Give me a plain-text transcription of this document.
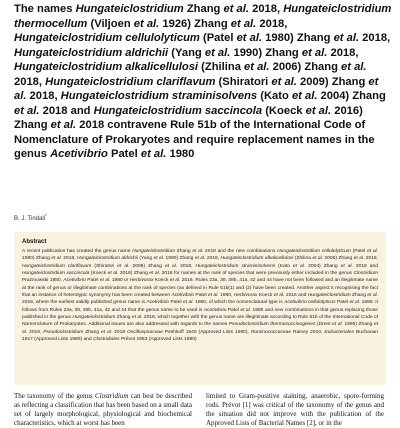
The names Hungateiclostridium Zhang et al. 2018, Hungateiclostridium thermocellum (Viljoen et al. 1926) Zhang et al. 2018, Hungateiclostridium cellulolyticum (Patel et al. 1980) Zhang et al. 2018, Hungateiclostridium aldrichii (Yang et al. 1990) Zhang et al. 2018, Hungateiclostridium alkalicellulosi (Zhilina et al. 2006) Zhang et al. 2018, Hungateiclostridium clariflavum (Shiratori et al. 2009) Zhang et al. 2018, Hungateiclostridium straminisolvens (Kato et al. 2004) Zhang et al. 2018 and Hungateiclostridium saccincola (Koeck et al. 2016) Zhang et al. 2018 contravene Rule 51b of the International Code of Nomenclature of Prokaryotes and require replacement names in the genus Acetivibrio Patel et al. 1980
B. J. Tindall*
Abstract
A recent publication has created the genus name Hungateiclostridium Zhang et al. 2018 and the new combinations Hungateiclostridium cellulolyticum (Patel et al. 1980) Zhang et al. 2018, Hungateiclostridium aldrichii (Yang et al. 1990) Zhang et al. 2018, Hungateiclostridium alkalicellulosi (Zhilina et al. 2006) Zhang et al. 2018, Hungateiclostridium clariflavum (Shiratori et al. 2009) Zhang et al. 2018, Hungateiclostridium straminisolvens (Kato et al. 2004) Zhang et al. 2018 and Hungateiclostridium saccincola (Koeck et al. 2016) Zhang et al. 2018 for names at the rank of species that were previously either included in the genus Clostridium Prazmowski 1880, Acetivibrio Patel et al. 1980 or Herbivorax Koeck et al. 2016. Rules 23a, 38, 39b, 41a, 42 and 44 have not been followed and an illegitimate name at the rank of genus or illegitimate combinations at the rank of species (as defined in Rule 51b(1) and (2) have been created. Another aspect it recognising the fact that an instance of heterotypic synonymy has been created between Acetivibrio Patel et al. 1980, Herbivorax Koeck et al. 2016 and Hungateiclostridium Zhang et al. 2018, where the earliest validly published genus name is Acetivibrio Patel et al. 1980, of which the nomenclatural type is Acetivibrio cellulolyticus Patel et al. 1980. It follows from Rules 23a, 38, 39b, 41a, 42 and 44 that the genus name to be used is Acetivibrio Patel et al. 1980 and new combinations in that genus replacing those published in the genus Hungateiclostridium Zhang et al. 2018, which together with the genus name are illegitimate according to Rule 51b of the International Code of Nomenclature of Prokaryotes. Additional issues are also addressed with regards to the names Pseudoclostridium thermosuccinogenes (Drent et al. 1995) Zhang et al. 2018, Pseudoclostridium Zhang et al. 2018 Oscillospiraceae Peshkoff 1940 (Approved Lists 1980), Ruminococcaceae Rainey 2010, Eubacteriales Buchanan 1917 (Approved Lists 1980) and Clostridiales Prévot 1953 (Approved Lists 1980)
The taxonomy of the genus Clostridium can best be described as reflecting a classification that has been based on a small data set of largely morphological, physiological and biochemical characteristics, which at worst has been
limited to Gram-positive staining, anaerobic, spore-forming rods. Prévot [1] was critical of the taxonomy of the genus and the situation did not improve with the publication of the Approved Lists of Bacterial Names [2], or in the
